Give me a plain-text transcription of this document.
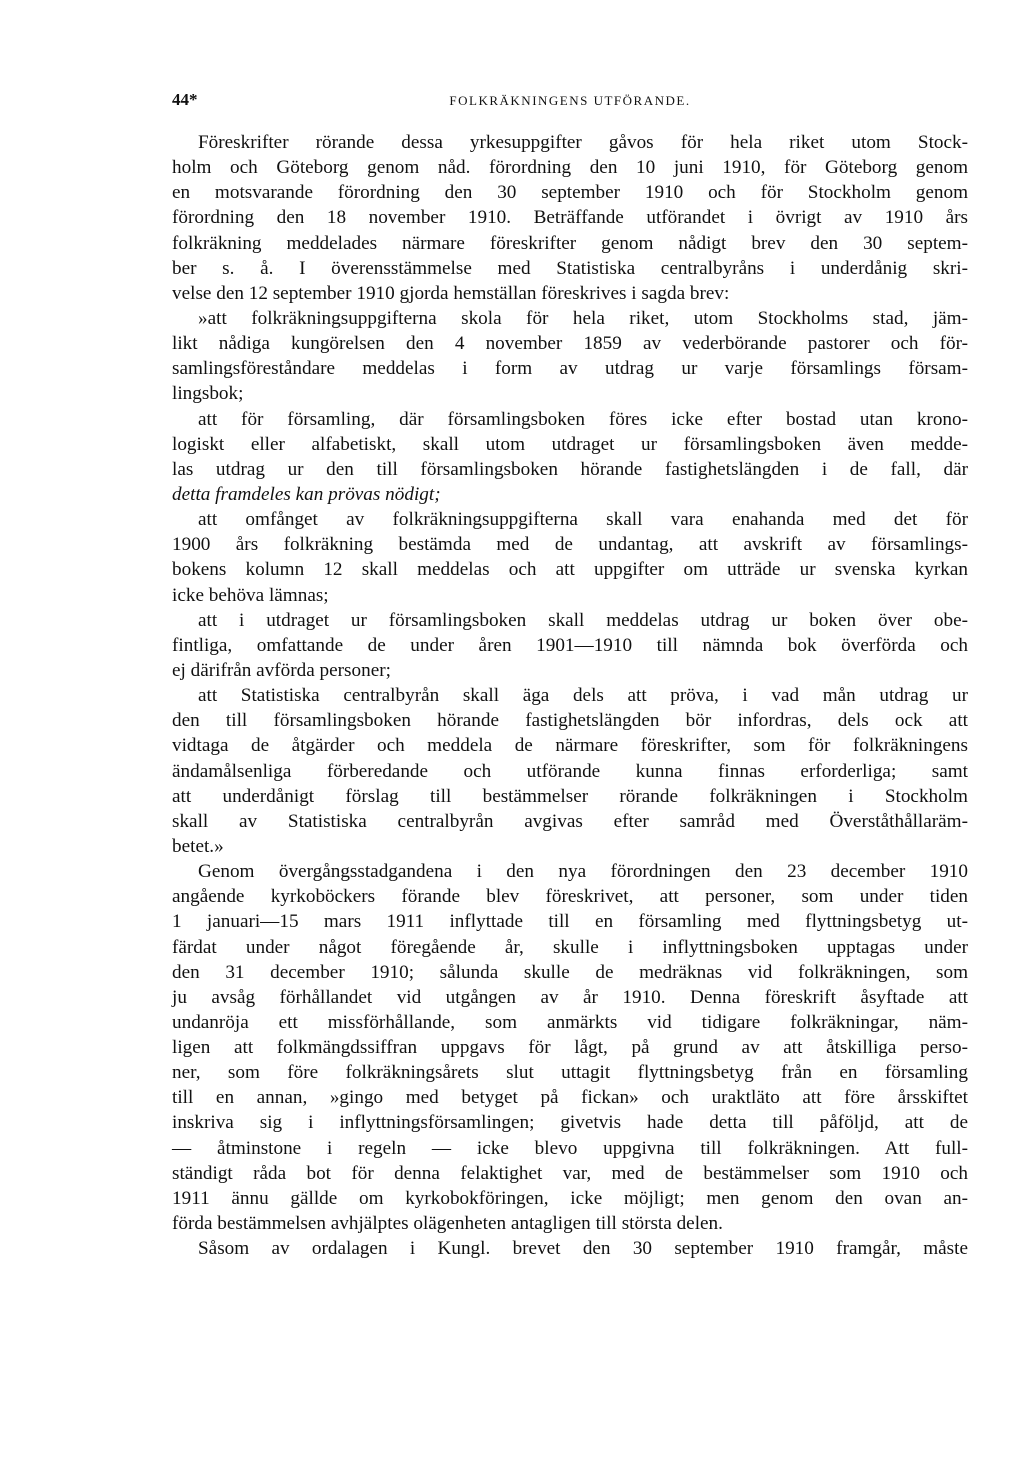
44*	FOLKRÄKNINGENS UTFÖRANDE.
Föreskrifter rörande dessa yrkesuppgifter gåvos för hela riket utom Stock-
holm och Göteborg genom nåd. förordning den 10 juni 1910, för Göteborg genom
en motsvarande förordning den 30 september 1910 och för Stockholm genom
förordning den 18 november 1910. Beträffande utförandet i övrigt av 1910 års
folkräkning meddelades närmare föreskrifter genom nådigt brev den 30 septem-
ber s. å. I överensstämmelse med Statistiska centralbyråns i underdånig skri-
velse den 12 september 1910 gjorda hemställan föreskrives i sagda brev:
»att folkräkningsuppgifterna skola för hela riket, utom Stockholms stad, jäm-
likt nådiga kungörelsen den 4 november 1859 av vederbörande pastorer och för-
samlingsföreståndare meddelas i form av utdrag ur varje församlings försam-
lingsbok;
att för församling, där församlingsboken föres icke efter bostad utan krono-
logiskt eller alfabetiskt, skall utom utdraget ur församlingsboken även medde-
las utdrag ur den till församlingsboken hörande fastighetslängden i de fall, där
detta framdeles kan prövas nödigt;
att omfånget av folkräkningsuppgifterna skall vara enahanda med det för
1900 års folkräkning bestämda med de undantag, att avskrift av församlings-
bokens kolumn 12 skall meddelas och att uppgifter om utträde ur svenska kyrkan
icke behöva lämnas;
att i utdraget ur församlingsboken skall meddelas utdrag ur boken över obe-
fintliga, omfattande de under åren 1901—1910 till nämnda bok överförda och
ej därifrån avförda personer;
att Statistiska centralbyrån skall äga dels att pröva, i vad mån utdrag ur
den till församlingsboken hörande fastighetslängden bör infordras, dels ock att
vidtaga de åtgärder och meddela de närmare föreskrifter, som för folkräkningens
ändamålsenliga förberedande och utförande kunna finnas erforderliga; samt
att underdånigt förslag till bestämmelser rörande folkräkningen i Stockholm
skall av Statistiska centralbyrån avgivas efter samråd med Överståthållaräm-
betet.»
Genom övergångsstadgandena i den nya förordningen den 23 december 1910
angående kyrkoböckers förande blev föreskrivet, att personer, som under tiden
1 januari—15 mars 1911 inflyttade till en församling med flyttningsbetyg ut-
färdat under något föregående år, skulle i inflyttningsboken upptagas under
den 31 december 1910; sålunda skulle de medräknas vid folkräkningen, som
ju avsåg förhållandet vid utgången av år 1910. Denna föreskrift åsyftade att
undanröja ett missförhållande, som anmärkts vid tidigare folkräkningar, näm-
ligen att folkmängdssiffran uppgavs för lågt, på grund av att åtskilliga perso-
ner, som före folkräkningsårets slut uttagit flyttningsbetyg från en församling
till en annan, »gingo med betyget på fickan» och uraktläto att före årsskiftet
inskriva sig i inflyttningsförsamlingen; givetvis hade detta till påföljd, att de
— åtminstone i regeln — icke blevo uppgivna till folkräkningen. Att full-
ständigt råda bot för denna felaktighet var, med de bestämmelser som 1910 och
1911 ännu gällde om kyrkobokföringen, icke möjligt; men genom den ovan an-
förda bestämmelsen avhjälptes olägenheten antagligen till största delen.
Såsom av ordalagen i Kungl. brevet den 30 september 1910 framgår, måste
